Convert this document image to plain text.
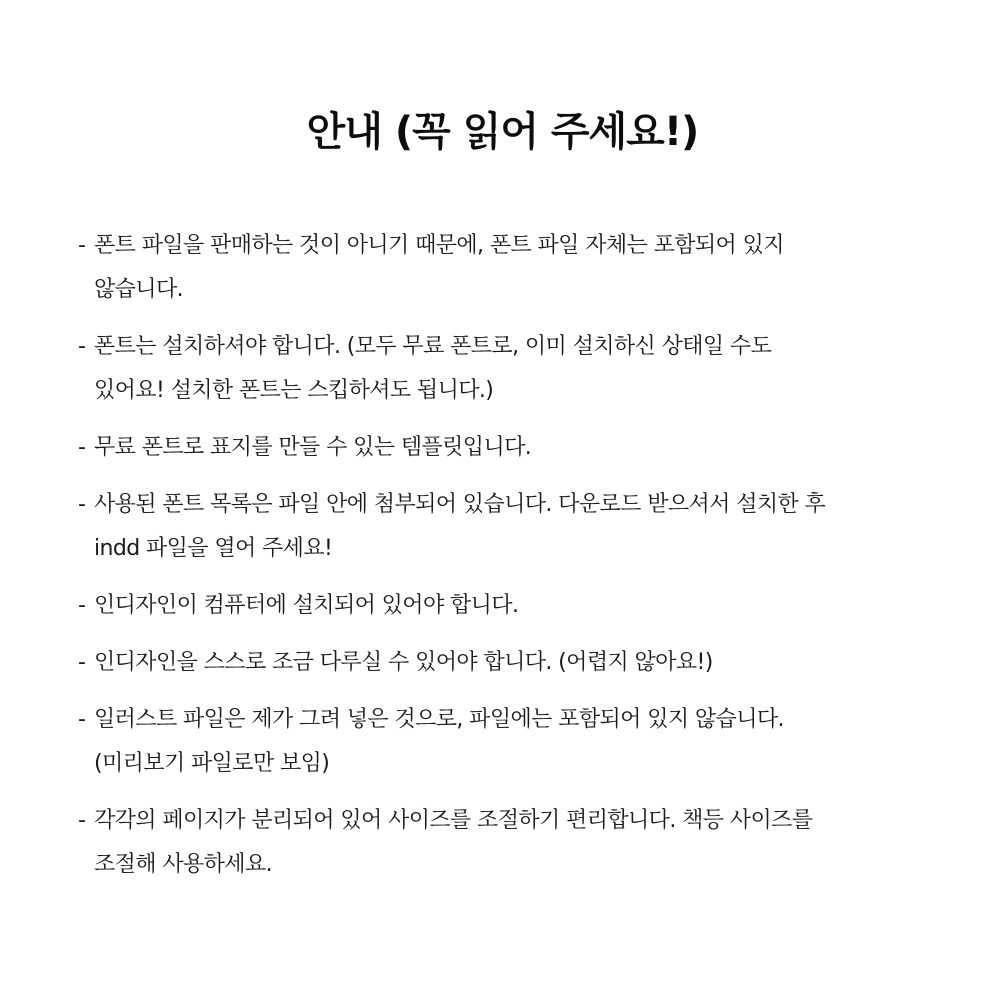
안내 (꼭 읽어 주세요!)
- 폰트 파일을 판매하는 것이 아니기 때문에, 폰트 파일 자체는 포함되어 있지
않습니다.
- 폰트는 설치하셔야 합니다. (모두 무료 폰트로, 이미 설치하신 상태일 수도
있어요! 설치한 폰트는 스킵하셔도 됩니다.)
- 무료 폰트로 표지를 만들 수 있는 템플릿입니다.
- 사용된 폰트 목록은 파일 안에 첨부되어 있습니다. 다운로드 받으셔서 설치한 후
indd 파일을 열어 주세요!
- 인디자인이 컴퓨터에 설치되어 있어야 합니다.
- 인디자인을 스스로 조금 다루실 수 있어야 합니다. (어렵지 않아요!)
- 일러스트 파일은 제가 그려 넣은 것으로, 파일에는 포함되어 있지 않습니다.
(미리보기 파일로만 보임)
- 각각의 페이지가 분리되어 있어 사이즈를 조절하기 편리합니다. 책등 사이즈를
조절해 사용하세요.
